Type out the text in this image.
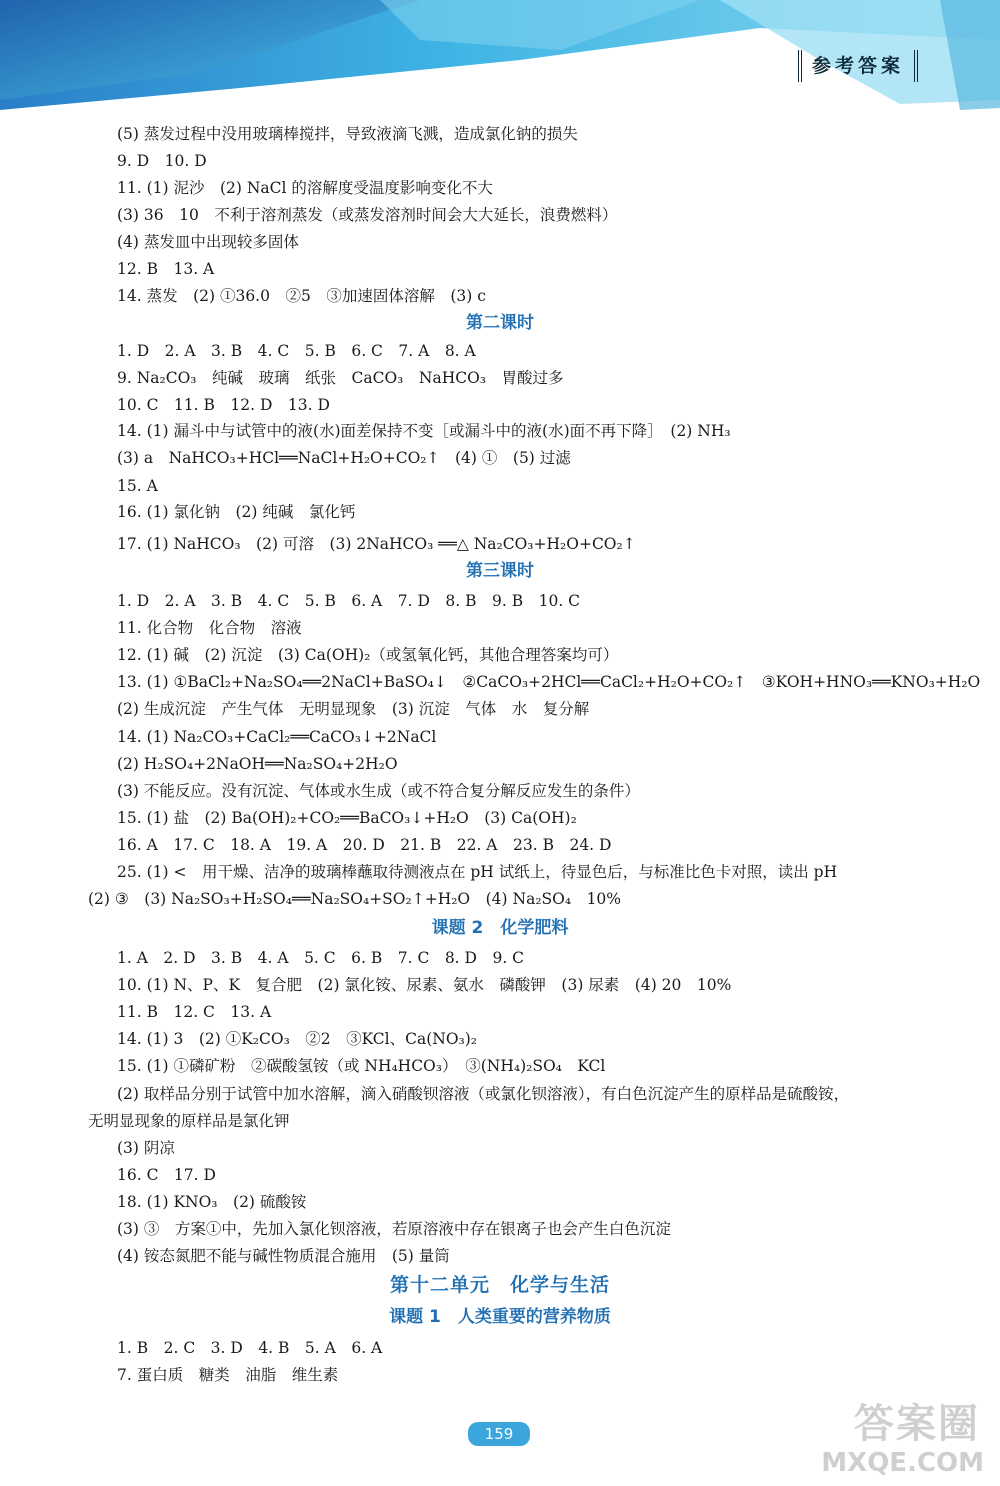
参考答案
(5) 蒸发过程中没用玻璃棒搅拌，导致液滴飞溅，造成氯化钠的损失
9. D　10. D
11. (1) 泥沙　(2) NaCl 的溶解度受温度影响变化不大
(3) 36　10　不利于溶剂蒸发（或蒸发溶剂时间会大大延长，浪费燃料）
(4) 蒸发皿中出现较多固体
12. B　13. A
14. 蒸发　(2) ①36.0　②5　③加速固体溶解　(3) c
第二课时
1. D　2. A　3. B　4. C　5. B　6. C　7. A　8. A
9. Na₂CO₃　纯碱　玻璃　纸张　CaCO₃　NaHCO₃　胃酸过多
10. C　11. B　12. D　13. D
14. (1) 漏斗中与试管中的液(水)面差保持不变［或漏斗中的液(水)面不再下降］　(2) NH₃
(3) a　NaHCO₃+HCl══NaCl+H₂O+CO₂↑　(4) ①　(5) 过滤
15. A
16. (1) 氯化钠　(2) 纯碱　氯化钙
17. (1) NaHCO₃　(2) 可溶　(3) 2NaHCO₃ ══△ Na₂CO₃+H₂O+CO₂↑
第三课时
1. D　2. A　3. B　4. C　5. B　6. A　7. D　8. B　9. B　10. C
11. 化合物　化合物　溶液
12. (1) 碱　(2) 沉淀　(3) Ca(OH)₂（或氢氧化钙，其他合理答案均可）
13. (1) ①BaCl₂+Na₂SO₄══2NaCl+BaSO₄↓　②CaCO₃+2HCl══CaCl₂+H₂O+CO₂↑　③KOH+HNO₃══KNO₃+H₂O
(2) 生成沉淀　产生气体　无明显现象　(3) 沉淀　气体　水　复分解
14. (1) Na₂CO₃+CaCl₂══CaCO₃↓+2NaCl
(2) H₂SO₄+2NaOH══Na₂SO₄+2H₂O
(3) 不能反应。没有沉淀、气体或水生成（或不符合复分解反应发生的条件）
15. (1) 盐　(2) Ba(OH)₂+CO₂══BaCO₃↓+H₂O　(3) Ca(OH)₂
16. A　17. C　18. A　19. A　20. D　21. B　22. A　23. B　24. D
25. (1) <　用干燥、洁净的玻璃棒蘸取待测液点在 pH 试纸上，待显色后，与标准比色卡对照，读出 pH
(2) ③　(3) Na₂SO₃+H₂SO₄══Na₂SO₄+SO₂↑+H₂O　(4) Na₂SO₄　10%
课题 2　化学肥料
1. A　2. D　3. B　4. A　5. C　6. B　7. C　8. D　9. C
10. (1) N、P、K　复合肥　(2) 氯化铵、尿素、氨水　磷酸钾　(3) 尿素　(4) 20　10%
11. B　12. C　13. A
14. (1) 3　(2) ①K₂CO₃　②2　③KCl、Ca(NO₃)₂
15. (1) ①磷矿粉　②碳酸氢铵（或 NH₄HCO₃）　③(NH₄)₂SO₄　KCl
(2) 取样品分别于试管中加水溶解，滴入硝酸钡溶液（或氯化钡溶液），有白色沉淀产生的原样品是硫酸铵，
无明显现象的原样品是氯化钾
(3) 阴凉
16. C　17. D
18. (1) KNO₃　(2) 硫酸铵
(3) ③　方案①中，先加入氯化钡溶液，若原溶液中存在银离子也会产生白色沉淀
(4) 铵态氮肥不能与碱性物质混合施用　(5) 量筒
第十二单元　化学与生活
课题 1　人类重要的营养物质
1. B　2. C　3. D　4. B　5. A　6. A
7. 蛋白质　糖类　油脂　维生素
159	答案圈
MXQE.COM
